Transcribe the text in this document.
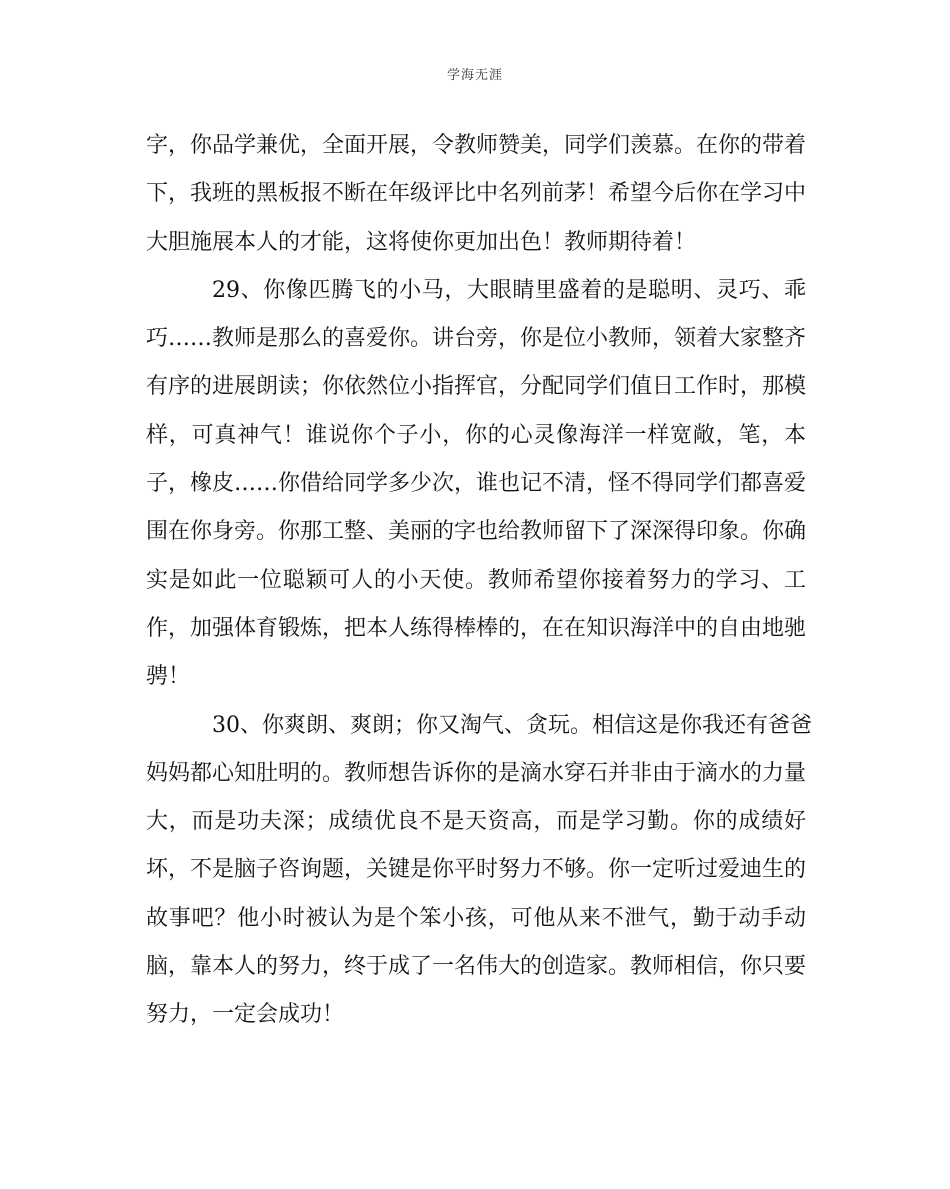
学海无涯
字，你品学兼优，全面开展，令教师赞美，同学们羡慕。在你的带着
下，我班的黑板报不断在年级评比中名列前茅！希望今后你在学习中
大胆施展本人的才能，这将使你更加出色！教师期待着！
29、你像匹腾飞的小马，大眼睛里盛着的是聪明、灵巧、乖
巧……教师是那么的喜爱你。讲台旁，你是位小教师，领着大家整齐
有序的进展朗读；你依然位小指挥官，分配同学们值日工作时，那模
样，可真神气！谁说你个子小，你的心灵像海洋一样宽敞，笔，本
子，橡皮……你借给同学多少次，谁也记不清，怪不得同学们都喜爱
围在你身旁。你那工整、美丽的字也给教师留下了深深得印象。你确
实是如此一位聪颖可人的小天使。教师希望你接着努力的学习、工
作，加强体育锻炼，把本人练得棒棒的，在在知识海洋中的自由地驰
骋！
30、你爽朗、爽朗；你又淘气、贪玩。相信这是你我还有爸爸
妈妈都心知肚明的。教师想告诉你的是滴水穿石并非由于滴水的力量
大，而是功夫深；成绩优良不是天资高，而是学习勤。你的成绩好
坏，不是脑子咨询题，关键是你平时努力不够。你一定听过爱迪生的
故事吧？他小时被认为是个笨小孩，可他从来不泄气，勤于动手动
脑，靠本人的努力，终于成了一名伟大的创造家。教师相信，你只要
努力，一定会成功！
